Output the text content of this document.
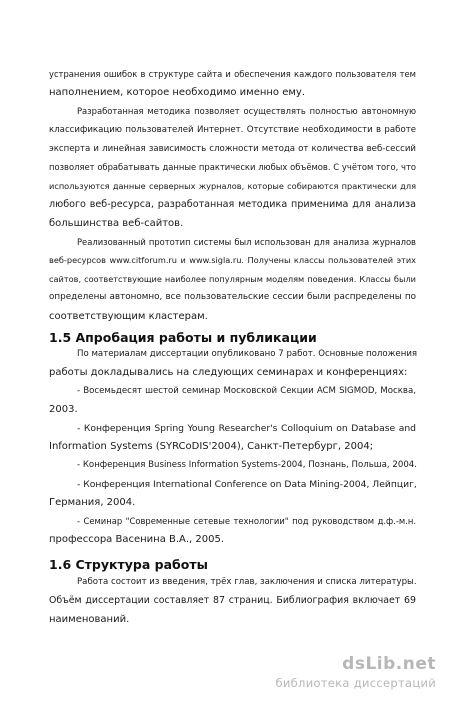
устранения ошибок в структуре сайта и обеспечения каждого пользователя тем
наполнением, которое необходимо именно ему.
Разработанная методика позволяет осуществлять полностью автономную
классификацию пользователей Интернет. Отсутствие необходимости в работе
эксперта и линейная зависимость сложности метода от количества веб-сессий
позволяет обрабатывать данные практически любых объёмов. С учётом того, что
используются данные серверных журналов, которые собираются практически для
любого веб-ресурса, разработанная методика применима для анализа
большинства веб-сайтов.
Реализованный прототип системы был использован для анализа журналов
веб-ресурсов www.citforum.ru и www.sigla.ru. Получены классы пользователей этих
сайтов, соответствующие наиболее популярным моделям поведения. Классы были
определены автономно, все пользовательские сессии были распределены по
соответствующим кластерам.
1.5 Апробация работы и публикации
По материалам диссертации опубликовано 7 работ. Основные положения
работы докладывались на следующих семинарах и конференциях:
- Восемьдесят шестой семинар Московской Секции ACM SIGMOD, Москва,
2003.
- Конференция Spring Young Researcher's Colloquium on Database and
Information Systems (SYRCoDIS'2004), Санкт-Петербург, 2004;
- Конференция Business Information Systems-2004, Познань, Польша, 2004.
- Конференция International Conference on Data Mining-2004, Лейпциг,
Германия, 2004.
- Семинар "Современные сетевые технологии" под руководством д.ф.-м.н.
профессора Васенина В.А., 2005.
1.6 Структура работы
Работа состоит из введения, трёх глав, заключения и списка литературы.
Объём диссертации составляет 87 страниц. Библиография включает 69
наименований.
dsLib.net
библиотека диссертаций
